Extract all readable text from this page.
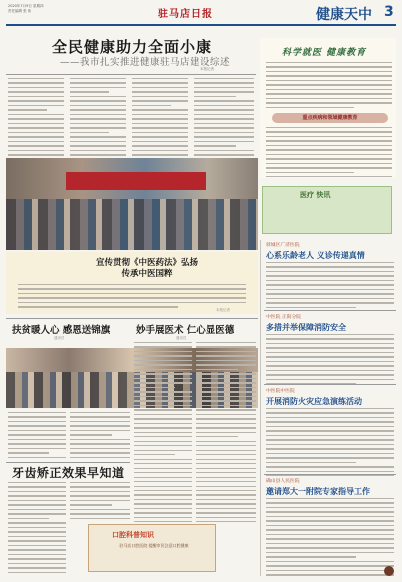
2020年7月9日 星期四
责任编辑 张 伟	驻马店日报	健康天中 3
全民健康助力全面小康
——我市扎实推进健康驻马店建设综述
本报记者
科学就医 健康教育
重点疾病和领域健康教育
医疗 快讯
宣传贯彻《中医药法》弘扬传承中医国粹
本报记者
驿城区广济医院
心系乐龄老人 义诊传递真情
中医院 正阳分院
多措并举保障消防安全
中医院中医院
开展消防火灾应急演练活动
确山县人民医院
邀请郑大一附院专家指导工作
扶贫暖人心 感恩送锦旗
通讯员
妙手展医术 仁心显医德
通讯员
牙齿矫正效果早知道
口腔科普知识
驻马店口腔医院 提醒市民注意口腔健康
